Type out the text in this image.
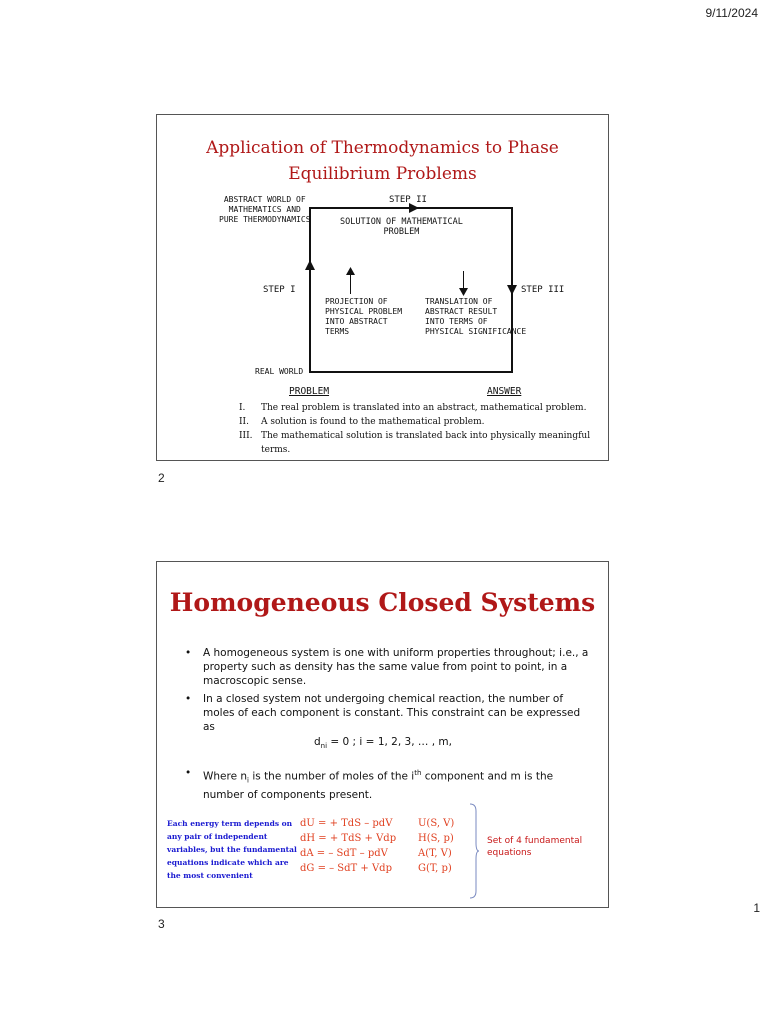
9/11/2024
Application of Thermodynamics to Phase
Equilibrium Problems
ABSTRACT WORLD OF
MATHEMATICS AND
PURE THERMODYNAMICS
STEP II
SOLUTION OF MATHEMATICAL
PROBLEM
STEP I	STEP III
PROJECTION OF
PHYSICAL PROBLEM
INTO ABSTRACT
TERMS
TRANSLATION OF
ABSTRACT RESULT
INTO TERMS OF
PHYSICAL SIGNIFICANCE
REAL WORLD
PROBLEM	ANSWER
I.	The real problem is translated into an abstract, mathematical problem.
II.	A solution is found to the mathematical problem.
III. The mathematical solution is translated back into physically meaningful terms.
2
Homogeneous Closed Systems
•	A homogeneous system is one with uniform properties throughout; i.e., a property such as density has the same value from point to point, in a macroscopic sense.
•	In a closed system not undergoing chemical reaction, the number of moles of each component is constant. This constraint can be expressed as
$d_{ni} = 0$ ; i = 1, 2, 3, … , m,
•	Where $n_i$ is the number of moles of the $i^{th}$ component and m is the number of components present.
Each energy term depends on any pair of independent variables, but the fundamental equations indicate which are the most convenient
dU = + TdS – pdV	U(S, V)
dH = + TdS + Vdp	H(S, p)
dA = – SdT – pdV	A(T, V)
dG = – SdT + Vdp	G(T, p)
Set of 4 fundamental equations
3
1
